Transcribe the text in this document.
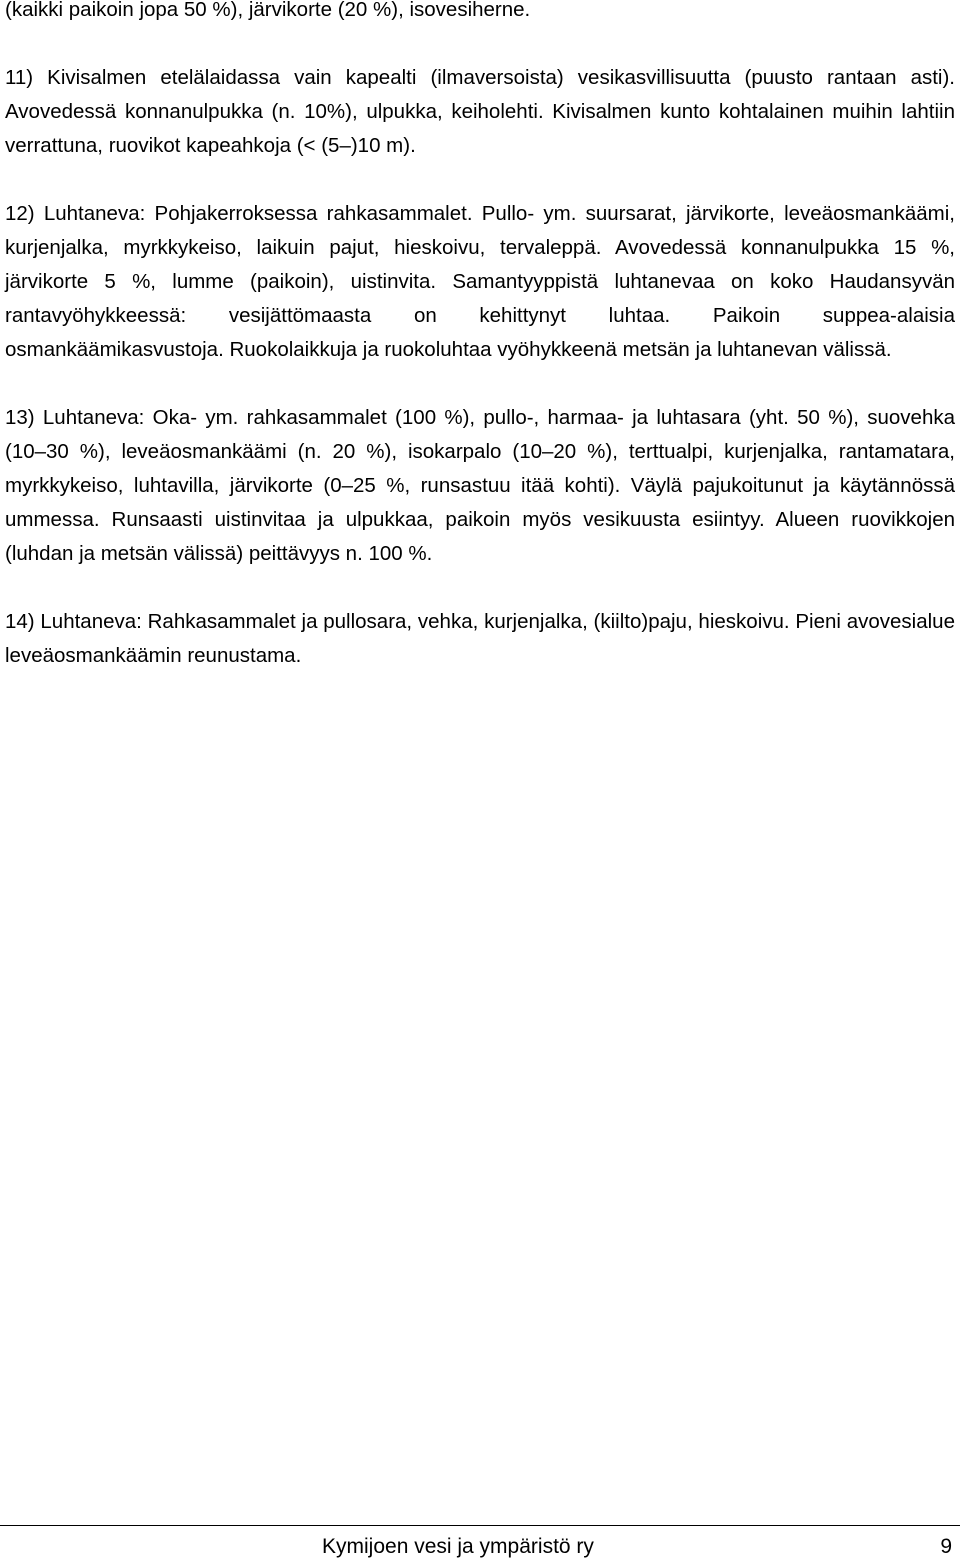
(kaikki paikoin jopa 50 %), järvikorte (20 %), isovesiherne.

11) Kivisalmen etelälaidassa vain kapealti (ilmaversoista) vesikasvillisuutta (puusto rantaan asti). Avovedessä konnanulpukka (n. 10%), ulpukka, keiholehti. Kivisalmen kunto kohtalainen muihin lahtiin verrattuna, ruovikot kapeahkoja (< (5–)10 m).

12) Luhtaneva: Pohjakerroksessa rahkasammalet. Pullo- ym. suursarat, järvikorte, leveäosmankäämi, kurjenjalka, myrkkykeiso, laikuin pajut, hieskoivu, tervaleppä. Avovedessä konnanulpukka 15 %, järvikorte 5 %, lumme (paikoin), uistinvita. Samantyyppistä luhtanevaa on koko Haudansyvän rantavyöhykkeessä: vesijättömaasta on kehittynyt luhtaa. Paikoin suppea-alaisia osmankäämikasvustoja. Ruokolaikkuja ja ruokoluhtaa vyöhykkeenä metsän ja luhtanevan välissä.

13) Luhtaneva: Oka- ym. rahkasammalet (100 %), pullo-, harmaa- ja luhtasara (yht. 50 %), suovehka (10–30 %), leveäosmankäämi (n. 20 %), isokarpalo (10–20 %), terttualpi, kurjenjalka, rantamatara, myrkkykeiso, luhtavilla, järvikorte (0–25 %, runsastuu itää kohti). Väylä pajukoitunut ja käytännössä ummessa. Runsaasti uistinvitaa ja ulpukkaa, paikoin myös vesikuusta esiintyy. Alueen ruovikkojen (luhdan ja metsän välissä) peittävyys n. 100 %.

14) Luhtaneva: Rahkasammalet ja pullosara, vehka, kurjenjalka, (kiilto)paju, hieskoivu. Pieni avovesialue leveäosmankäämin reunustama.

Kymijoen vesi ja ympäristö ry	9
